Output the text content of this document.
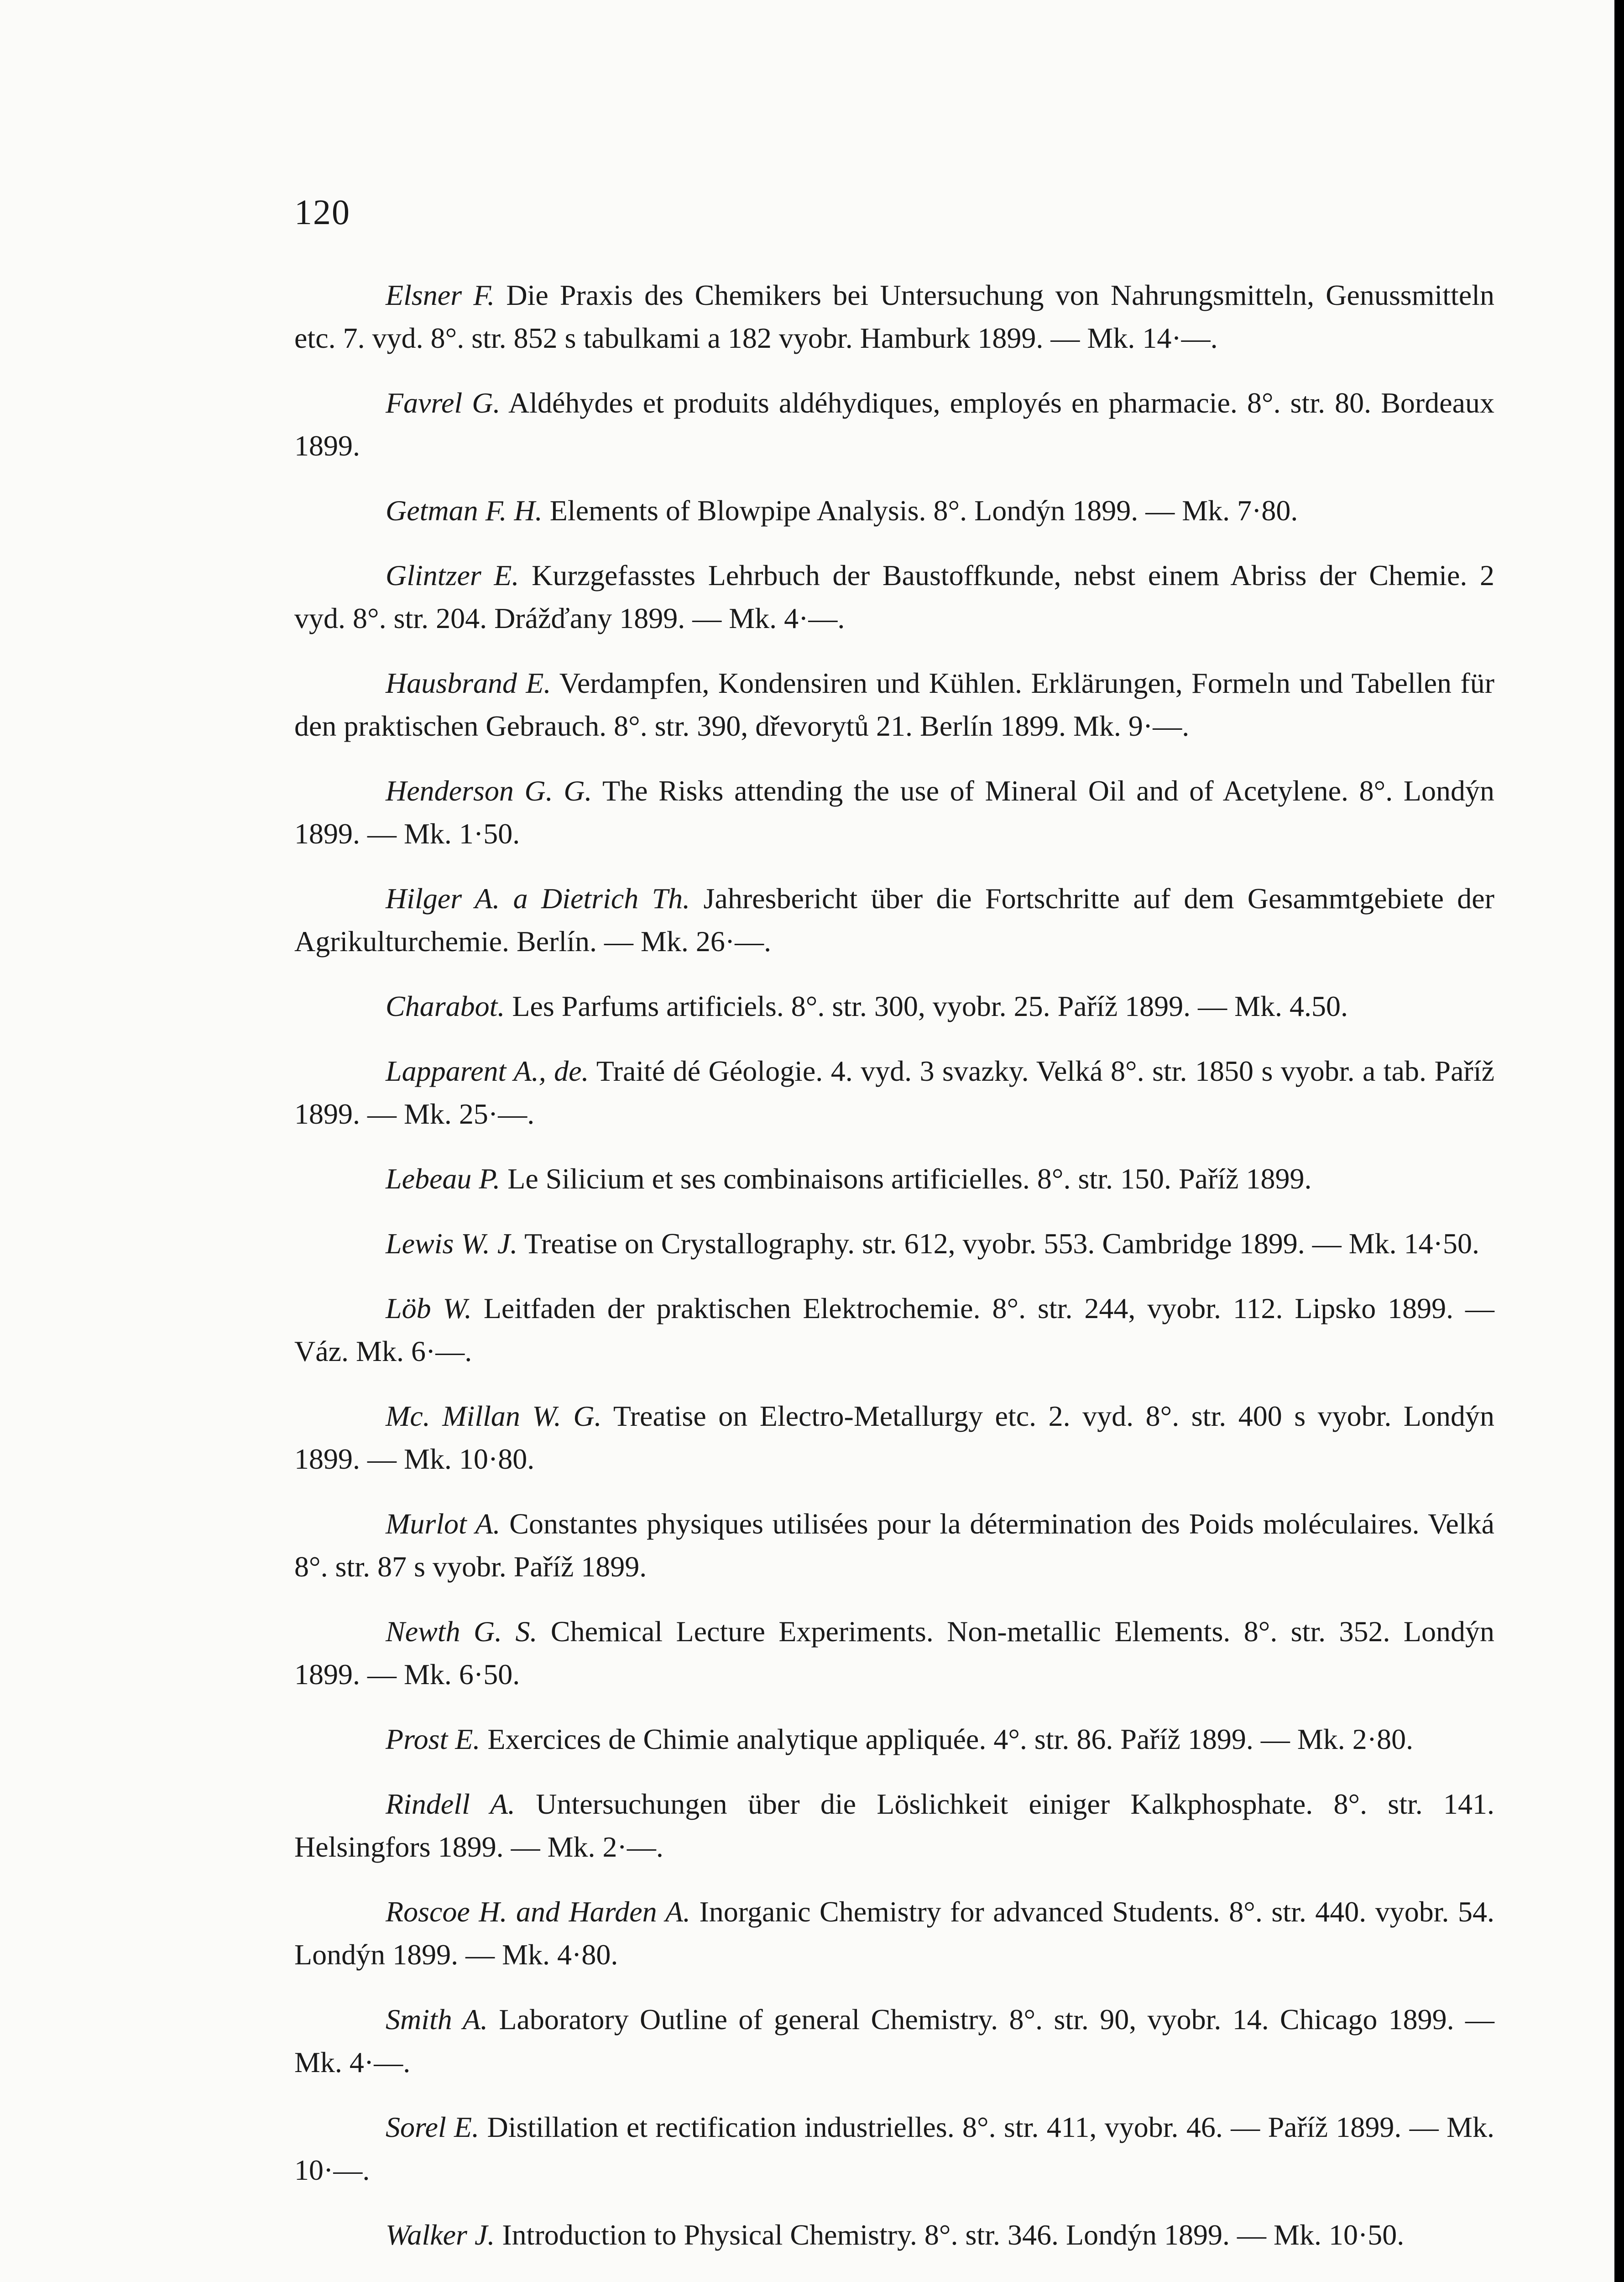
120

Elsner F. Die Praxis des Chemikers bei Untersuchung von Nahrungsmitteln, Genussmitteln etc. 7. vyd. 8°. str. 852 s tabulkami a 182 vyobr. Hamburk 1899. — Mk. 14·—.

Favrel G. Aldéhydes et produits aldéhydiques, employés en pharmacie. 8°. str. 80. Bordeaux 1899.

Getman F. H. Elements of Blowpipe Analysis. 8°. Londýn 1899. — Mk. 7·80.

Glintzer E. Kurzgefasstes Lehrbuch der Baustoffkunde, nebst einem Abriss der Chemie. 2 vyd. 8°. str. 204. Drážďany 1899. — Mk. 4·—.

Hausbrand E. Verdampfen, Kondensiren und Kühlen. Erklärungen, Formeln und Tabellen für den praktischen Gebrauch. 8°. str. 390, dřevorytů 21. Berlín 1899. Mk. 9·—.

Henderson G. G. The Risks attending the use of Mineral Oil and of Acetylene. 8°. Londýn 1899. — Mk. 1·50.

Hilger A. a Dietrich Th. Jahresbericht über die Fortschritte auf dem Gesammtgebiete der Agrikulturchemie. Berlín. — Mk. 26·—.

Charabot. Les Parfums artificiels. 8°. str. 300, vyobr. 25. Paříž 1899. — Mk. 4.50.

Lapparent A., de. Traité dé Géologie. 4. vyd. 3 svazky. Velká 8°. str. 1850 s vyobr. a tab. Paříž 1899. — Mk. 25·—.

Lebeau P. Le Silicium et ses combinaisons artificielles. 8°. str. 150. Paříž 1899.

Lewis W. J. Treatise on Crystallography. str. 612, vyobr. 553. Cambridge 1899. — Mk. 14·50.

Löb W. Leitfaden der praktischen Elektrochemie. 8°. str. 244, vyobr. 112. Lipsko 1899. — Váz. Mk. 6·—.

Mc. Millan W. G. Treatise on Electro-Metallurgy etc. 2. vyd. 8°. str. 400 s vyobr. Londýn 1899. — Mk. 10·80.

Murlot A. Constantes physiques utilisées pour la détermination des Poids moléculaires. Velká 8°. str. 87 s vyobr. Paříž 1899.

Newth G. S. Chemical Lecture Experiments. Non-metallic Elements. 8°. str. 352. Londýn 1899. — Mk. 6·50.

Prost E. Exercices de Chimie analytique appliquée. 4°. str. 86. Paříž 1899. — Mk. 2·80.

Rindell A. Untersuchungen über die Löslichkeit einiger Kalkphosphate. 8°. str. 141. Helsingfors 1899. — Mk. 2·—.

Roscoe H. and Harden A. Inorganic Chemistry for advanced Students. 8°. str. 440. vyobr. 54. Londýn 1899. — Mk. 4·80.

Smith A. Laboratory Outline of general Chemistry. 8°. str. 90, vyobr. 14. Chicago 1899. — Mk. 4·—.

Sorel E. Distillation et rectification industrielles. 8°. str. 411, vyobr. 46. — Paříž 1899. — Mk. 10·—.

Walker J. Introduction to Physical Chemistry. 8°. str. 346. Londýn 1899. — Mk. 10·50.
